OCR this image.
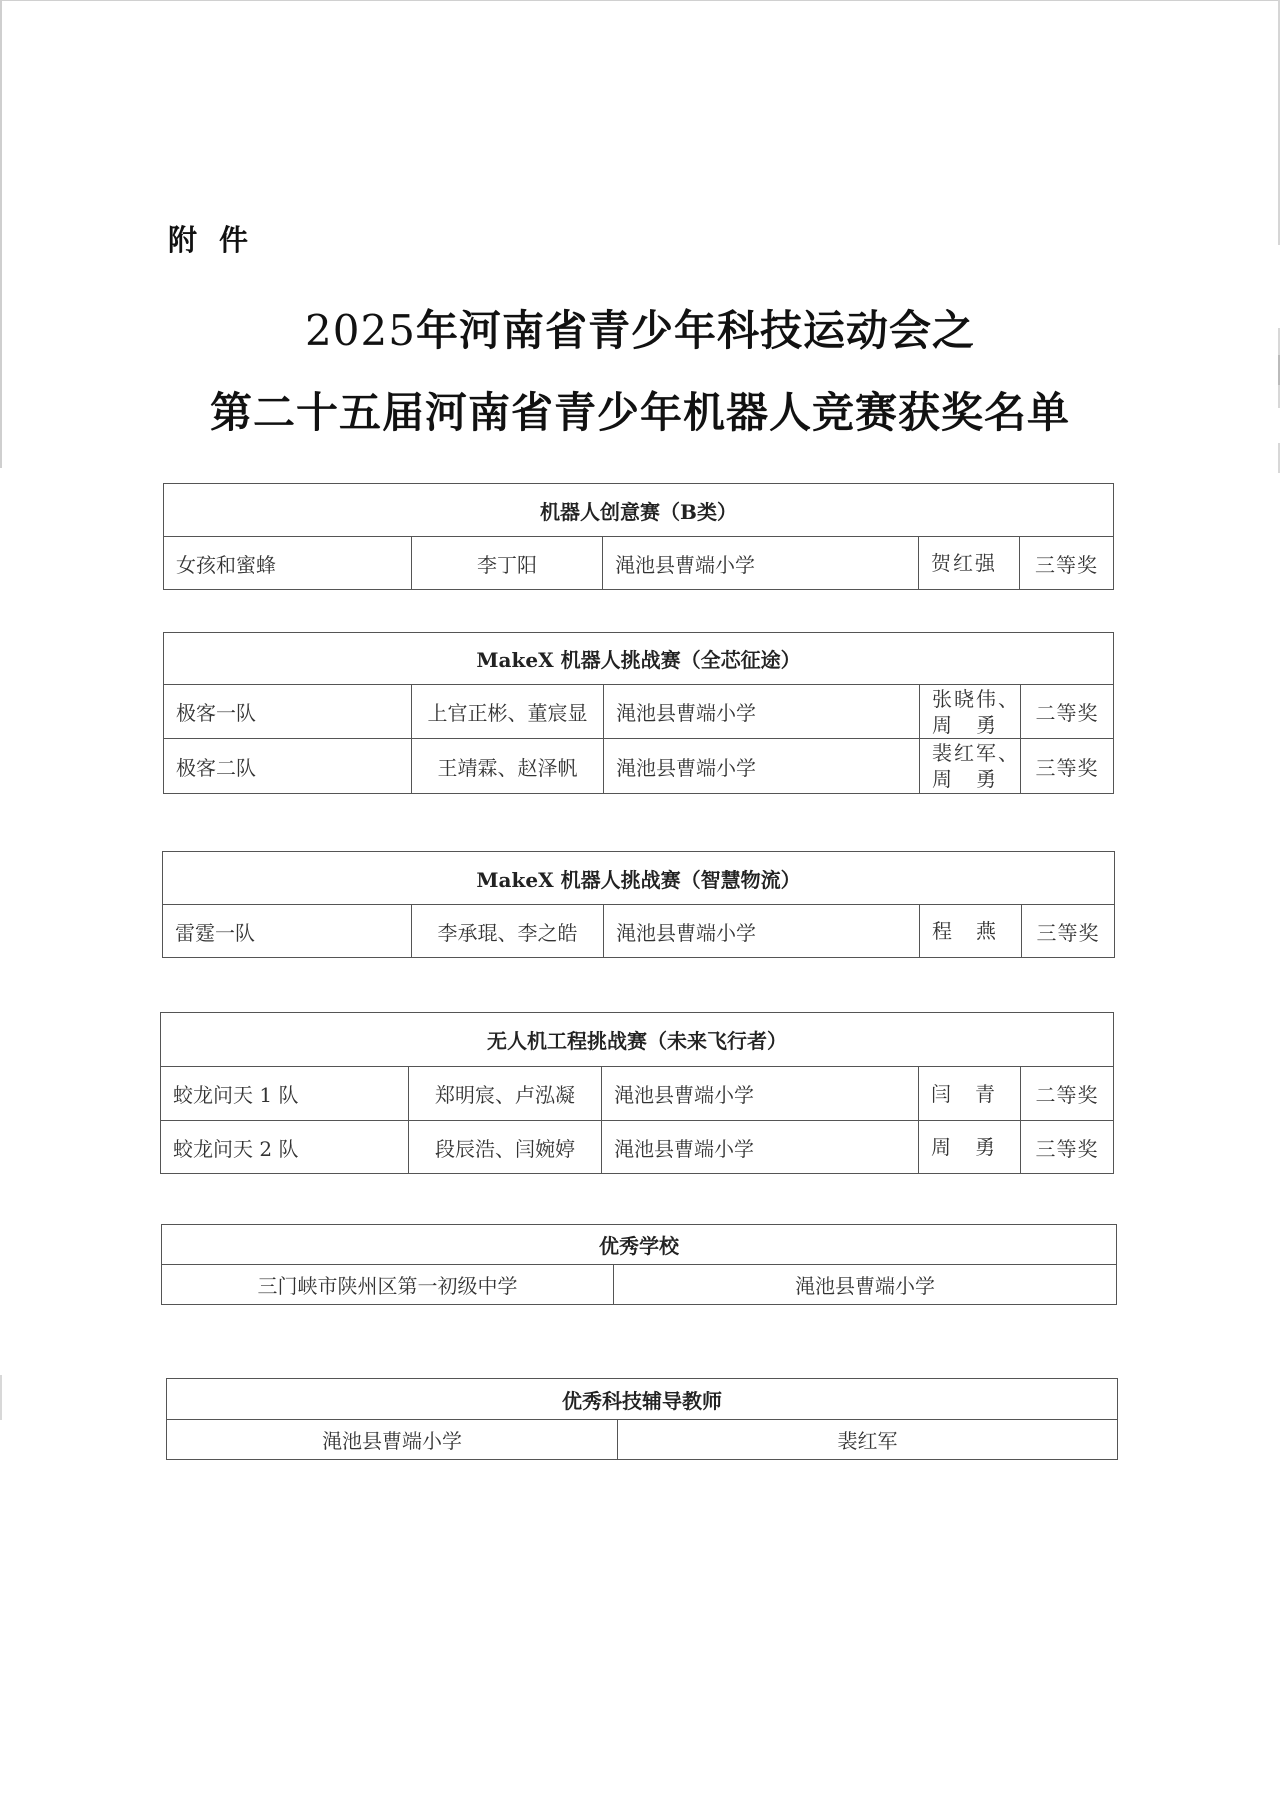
附件
2025年河南省青少年科技运动会之
第二十五届河南省青少年机器人竞赛获奖名单
机器人创意赛（B类）
女孩和蜜蜂	李丁阳	渑池县曹端小学	贺红强	三等奖
MakeX 机器人挑战赛（全芯征途）				
极客一队	上官正彬、董宸显	渑池县曹端小学	张晓伟、周　勇	二等奖
极客二队	王靖霖、赵泽帆	渑池县曹端小学	裴红军、周　勇	三等奖
MakeX 机器人挑战赛（智慧物流）
雷霆一队	李承琨、李之皓	渑池县曹端小学	程　燕	三等奖
无人机工程挑战赛（未来飞行者）				
蛟龙问天 1 队	郑明宸、卢泓凝	渑池县曹端小学	闫　青	二等奖
蛟龙问天 2 队	段辰浩、闫婉婷	渑池县曹端小学	周　勇	三等奖
优秀学校
三门峡市陕州区第一初级中学	渑池县曹端小学
优秀科技辅导教师
渑池县曹端小学	裴红军
